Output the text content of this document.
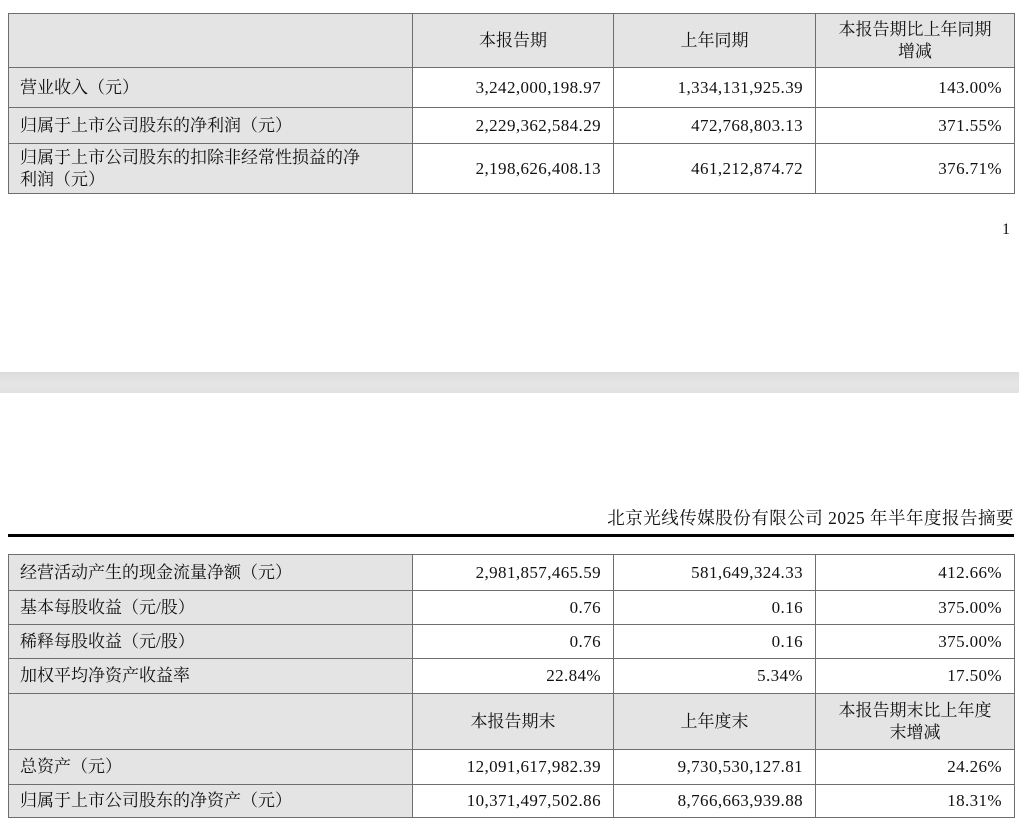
	本报告期	上年同期	本报告期比上年同期增减
营业收入（元）	3,242,000,198.97	1,334,131,925.39	143.00%
归属于上市公司股东的净利润（元）	2,229,362,584.29	472,768,803.13	371.55%
归属于上市公司股东的扣除非经常性损益的净利润（元）	2,198,626,408.13	461,212,874.72	376.71%
1
北京光线传媒股份有限公司 2025 年半年度报告摘要
经营活动产生的现金流量净额（元）	2,981,857,465.59	581,649,324.33	412.66%
基本每股收益（元/股）	0.76	0.16	375.00%
稀释每股收益（元/股）	0.76	0.16	375.00%
加权平均净资产收益率	22.84%	5.34%	17.50%
	本报告期末	上年度末	本报告期末比上年度末增减
总资产（元）	12,091,617,982.39	9,730,530,127.81	24.26%
归属于上市公司股东的净资产（元）	10,371,497,502.86	8,766,663,939.88	18.31%
